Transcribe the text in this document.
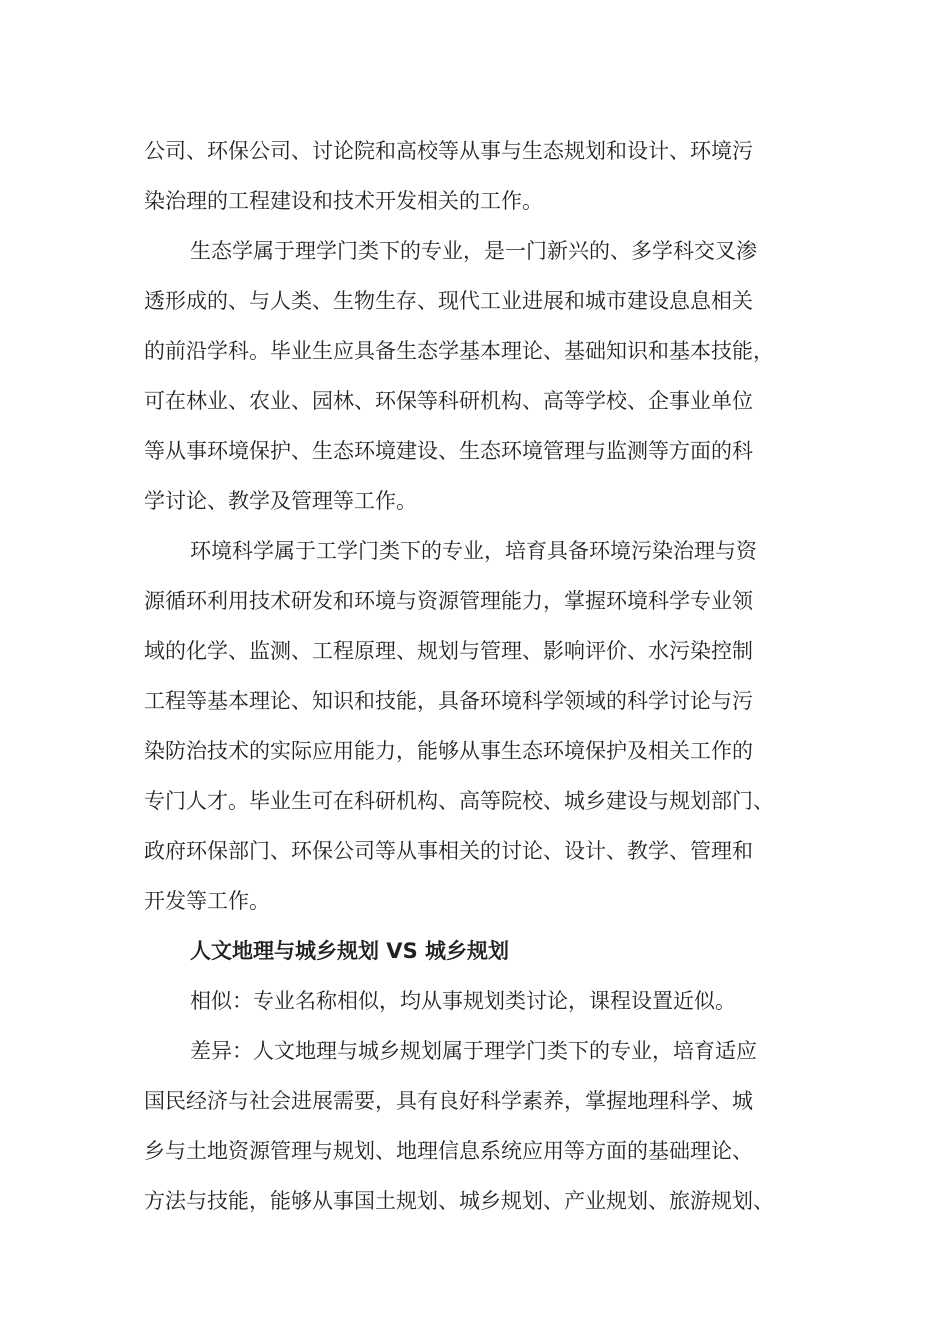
公司、环保公司、讨论院和高校等从事与生态规划和设计、环境污
染治理的工程建设和技术开发相关的工作。
生态学属于理学门类下的专业，是一门新兴的、多学科交叉渗
透形成的、与人类、生物生存、现代工业进展和城市建设息息相关
的前沿学科。毕业生应具备生态学基本理论、基础知识和基本技能，
可在林业、农业、园林、环保等科研机构、高等学校、企事业单位
等从事环境保护、生态环境建设、生态环境管理与监测等方面的科
学讨论、教学及管理等工作。
环境科学属于工学门类下的专业，培育具备环境污染治理与资
源循环利用技术研发和环境与资源管理能力，掌握环境科学专业领
域的化学、监测、工程原理、规划与管理、影响评价、水污染控制
工程等基本理论、知识和技能，具备环境科学领域的科学讨论与污
染防治技术的实际应用能力，能够从事生态环境保护及相关工作的
专门人才。毕业生可在科研机构、高等院校、城乡建设与规划部门、
政府环保部门、环保公司等从事相关的讨论、设计、教学、管理和
开发等工作。
人文地理与城乡规划 VS 城乡规划
相似：专业名称相似，均从事规划类讨论，课程设置近似。
差异：人文地理与城乡规划属于理学门类下的专业，培育适应
国民经济与社会进展需要，具有良好科学素养，掌握地理科学、城
乡与土地资源管理与规划、地理信息系统应用等方面的基础理论、
方法与技能，能够从事国土规划、城乡规划、产业规划、旅游规划、
